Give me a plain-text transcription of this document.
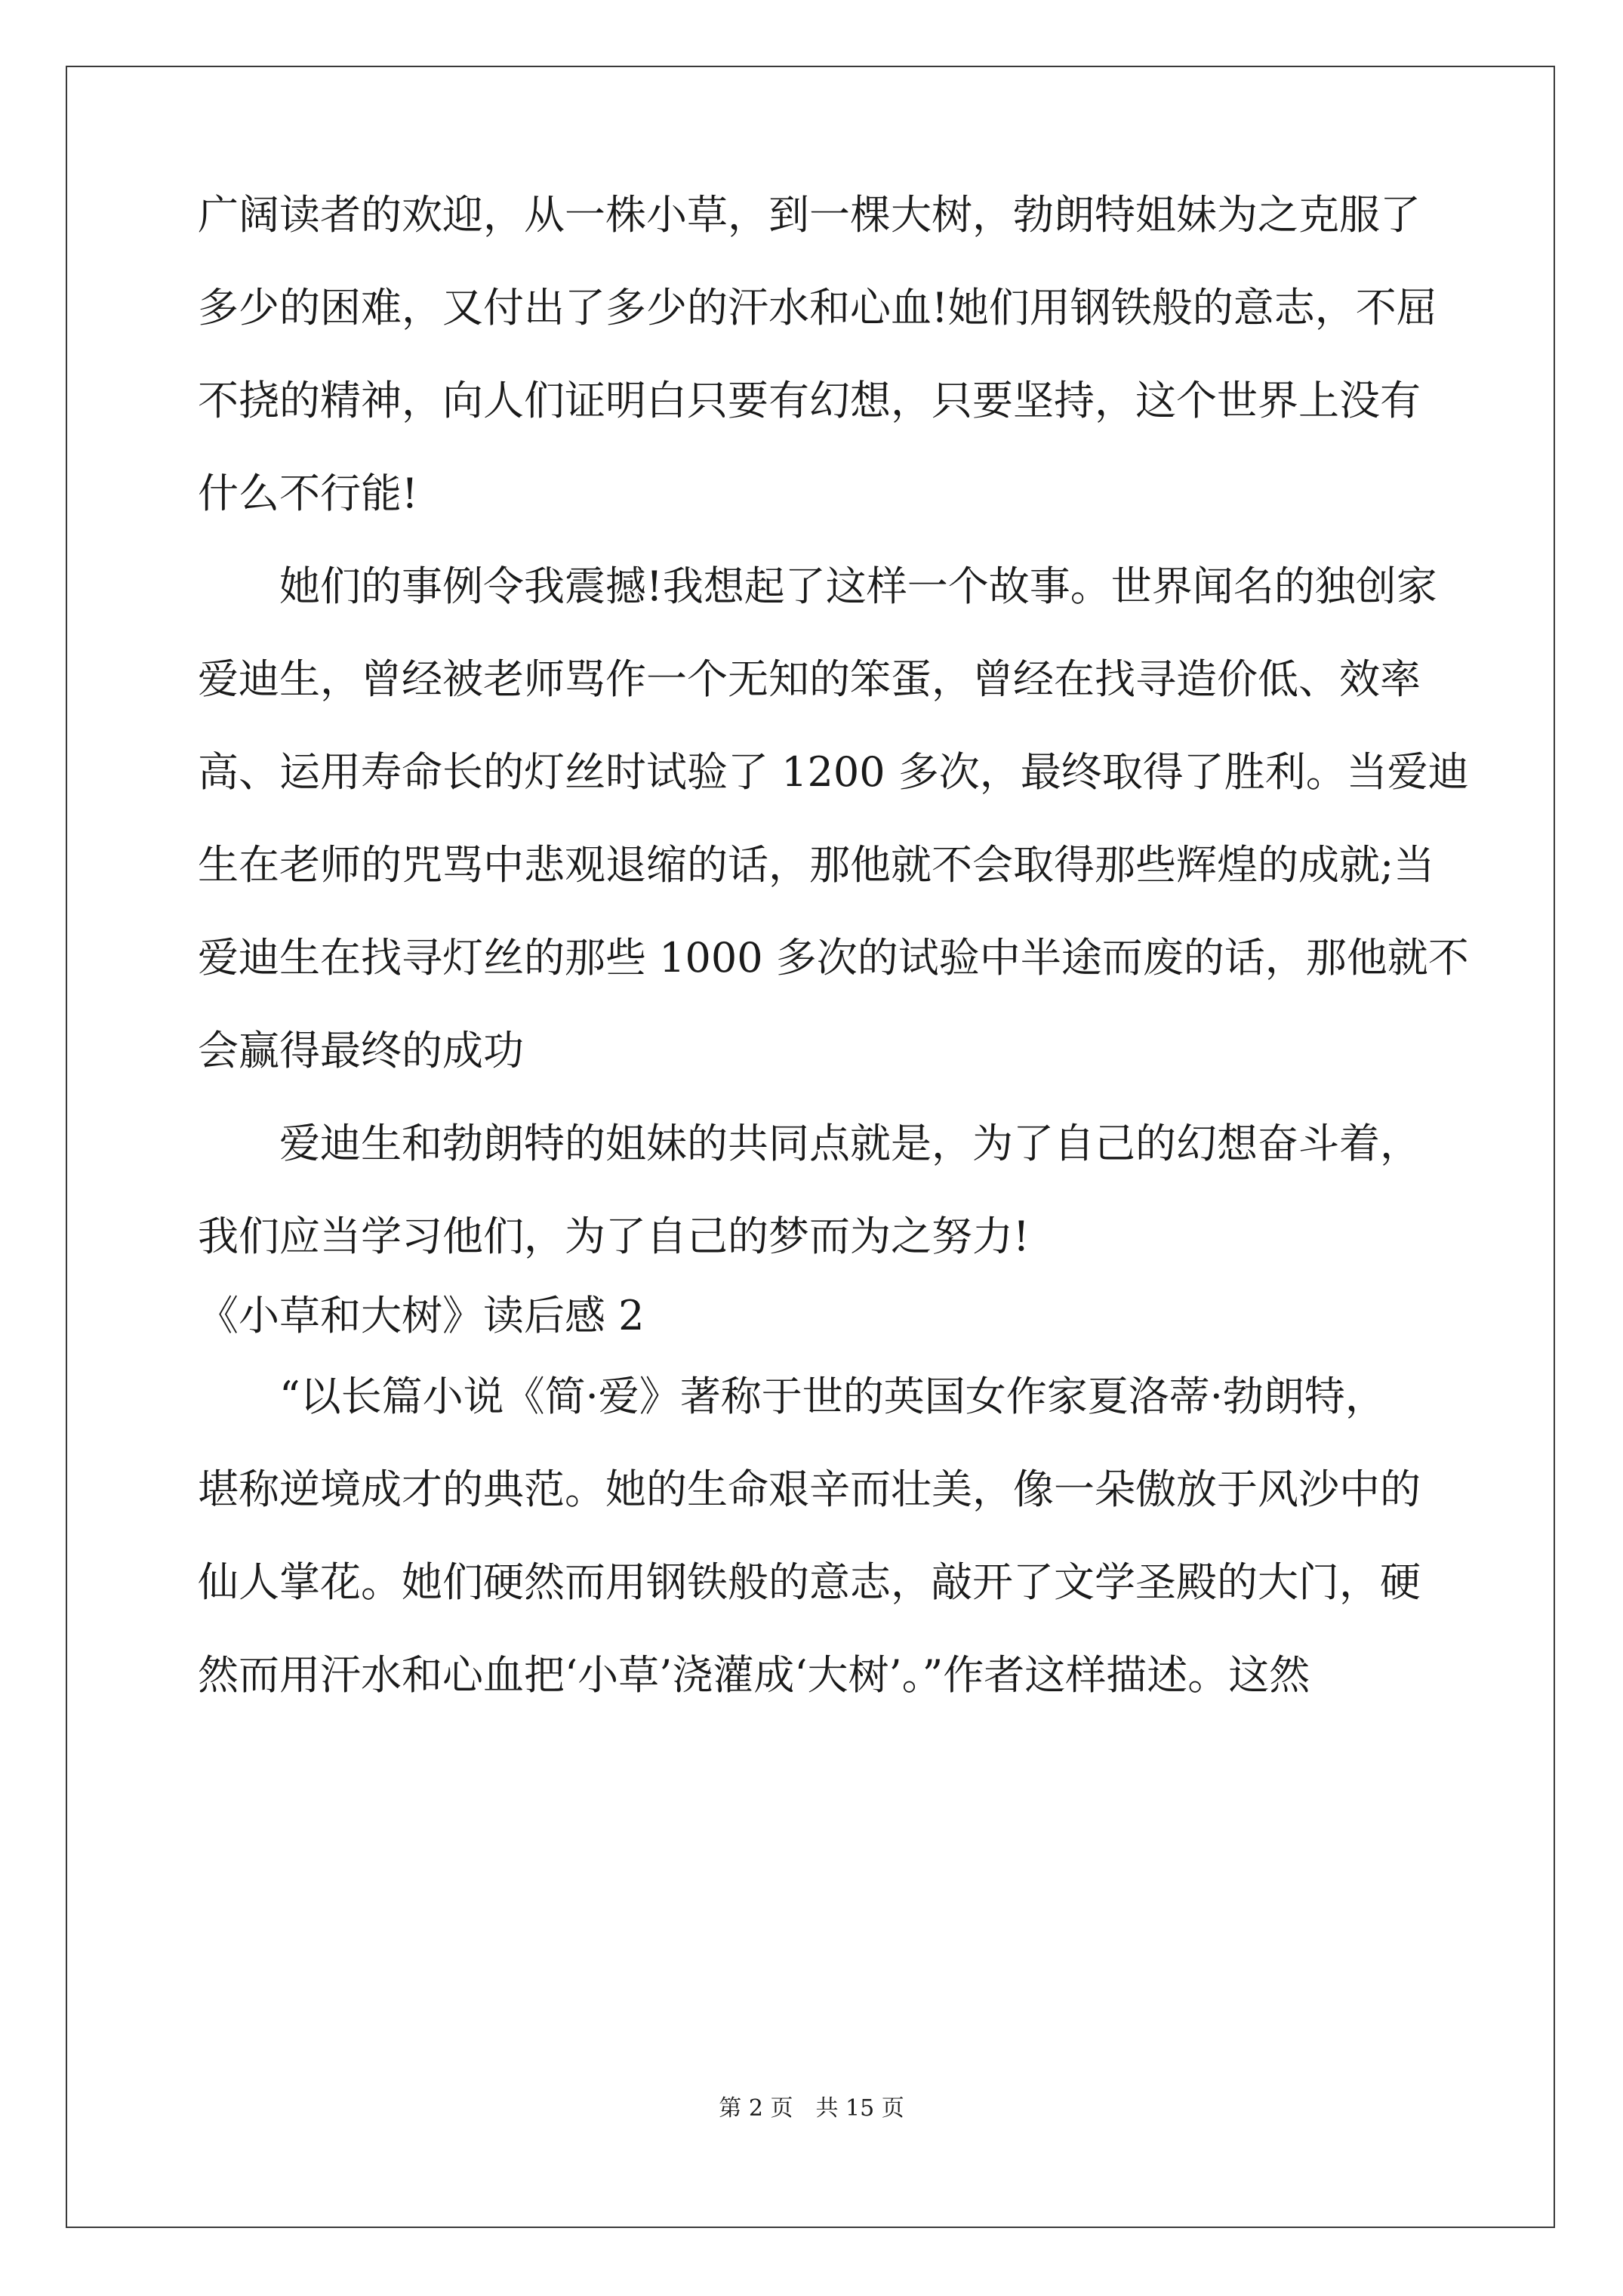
广阔读者的欢迎，从一株小草，到一棵大树，勃朗特姐妹为之克服了
多少的困难，又付出了多少的汗水和心血!她们用钢铁般的意志，不屈
不挠的精神，向人们证明白只要有幻想，只要坚持，这个世界上没有
什么不行能!
　　她们的事例令我震撼!我想起了这样一个故事。世界闻名的独创家
爱迪生，曾经被老师骂作一个无知的笨蛋，曾经在找寻造价低、效率
高、运用寿命长的灯丝时试验了 1200 多次，最终取得了胜利。当爱迪
生在老师的咒骂中悲观退缩的话，那他就不会取得那些辉煌的成就;当
爱迪生在找寻灯丝的那些 1000 多次的试验中半途而废的话，那他就不
会赢得最终的成功
　　爱迪生和勃朗特的姐妹的共同点就是，为了自己的幻想奋斗着，
我们应当学习他们，为了自己的梦而为之努力!
《小草和大树》读后感 2
　　“以长篇小说《简·爱》著称于世的英国女作家夏洛蒂·勃朗特，
堪称逆境成才的典范。她的生命艰辛而壮美，像一朵傲放于风沙中的
仙人掌花。她们硬然而用钢铁般的意志，敲开了文学圣殿的大门，硬
然而用汗水和心血把‘小草’浇灌成‘大树’。”作者这样描述。这然
第 2 页　共 15 页
